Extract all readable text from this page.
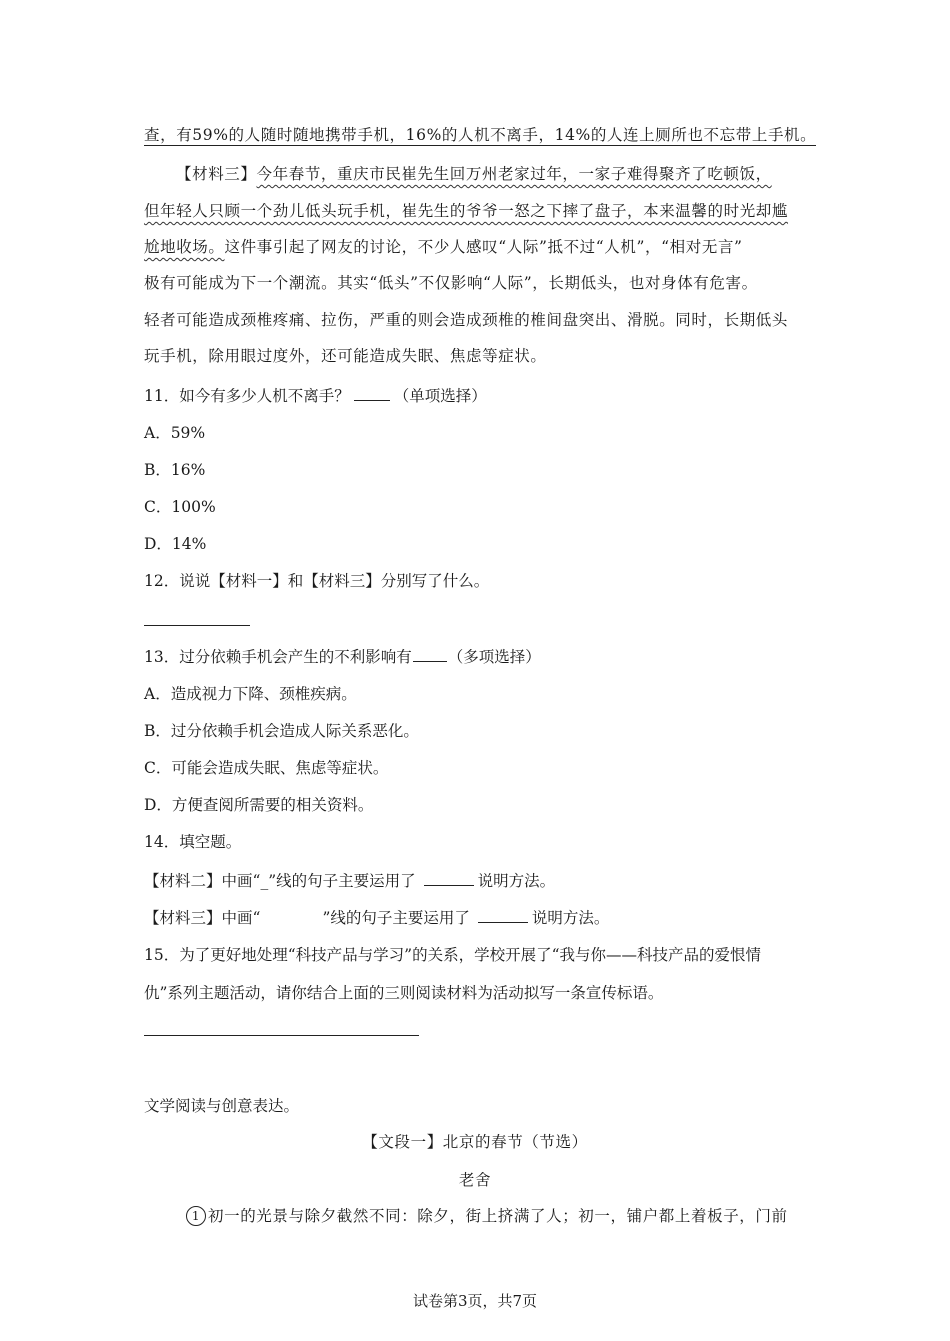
查，有59%的人随时随地携带手机，16%的人机不离手，14%的人连上厕所也不忘带上手机。
【材料三】今年春节，重庆市民崔先生回万州老家过年，一家子难得聚齐了吃顿饭，
但年轻人只顾一个劲儿低头玩手机，崔先生的爷爷一怒之下摔了盘子，本来温馨的时光却尴
尬地收场。这件事引起了网友的讨论，不少人感叹“人际”抵不过“人机”，“相对无言”
极有可能成为下一个潮流。其实“低头”不仅影响“人际”，长期低头，也对身体有危害。
轻者可能造成颈椎疼痛、拉伤，严重的则会造成颈椎的椎间盘突出、滑脱。同时，长期低头
玩手机，除用眼过度外，还可能造成失眠、焦虑等症状。
11．如今有多少人机不离手？	（单项选择）
A．59%
B．16%
C．100%
D．14%
12．说说【材料一】和【材料三】分别写了什么。
13．过分依赖手机会产生的不利影响有 （多项选择）
A．造成视力下降、颈椎疾病。
B．过分依赖手机会造成人际关系恶化。
C．可能会造成失眠、焦虑等症状。
D．方便查阅所需要的相关资料。
14．填空题。
【材料二】中画“_”线的句子主要运用了	说明方法。
【材料三】中画“	”线的句子主要运用了	说明方法。
15．为了更好地处理“科技产品与学习”的关系，学校开展了“我与你——科技产品的爱恨情
仇”系列主题活动，请你结合上面的三则阅读材料为活动拟写一条宣传标语。
文学阅读与创意表达。
【文段一】北京的春节（节选）
老舍
1 初一的光景与除夕截然不同：除夕，街上挤满了人；初一，铺户都上着板子，门前
试卷第3页，共7页
